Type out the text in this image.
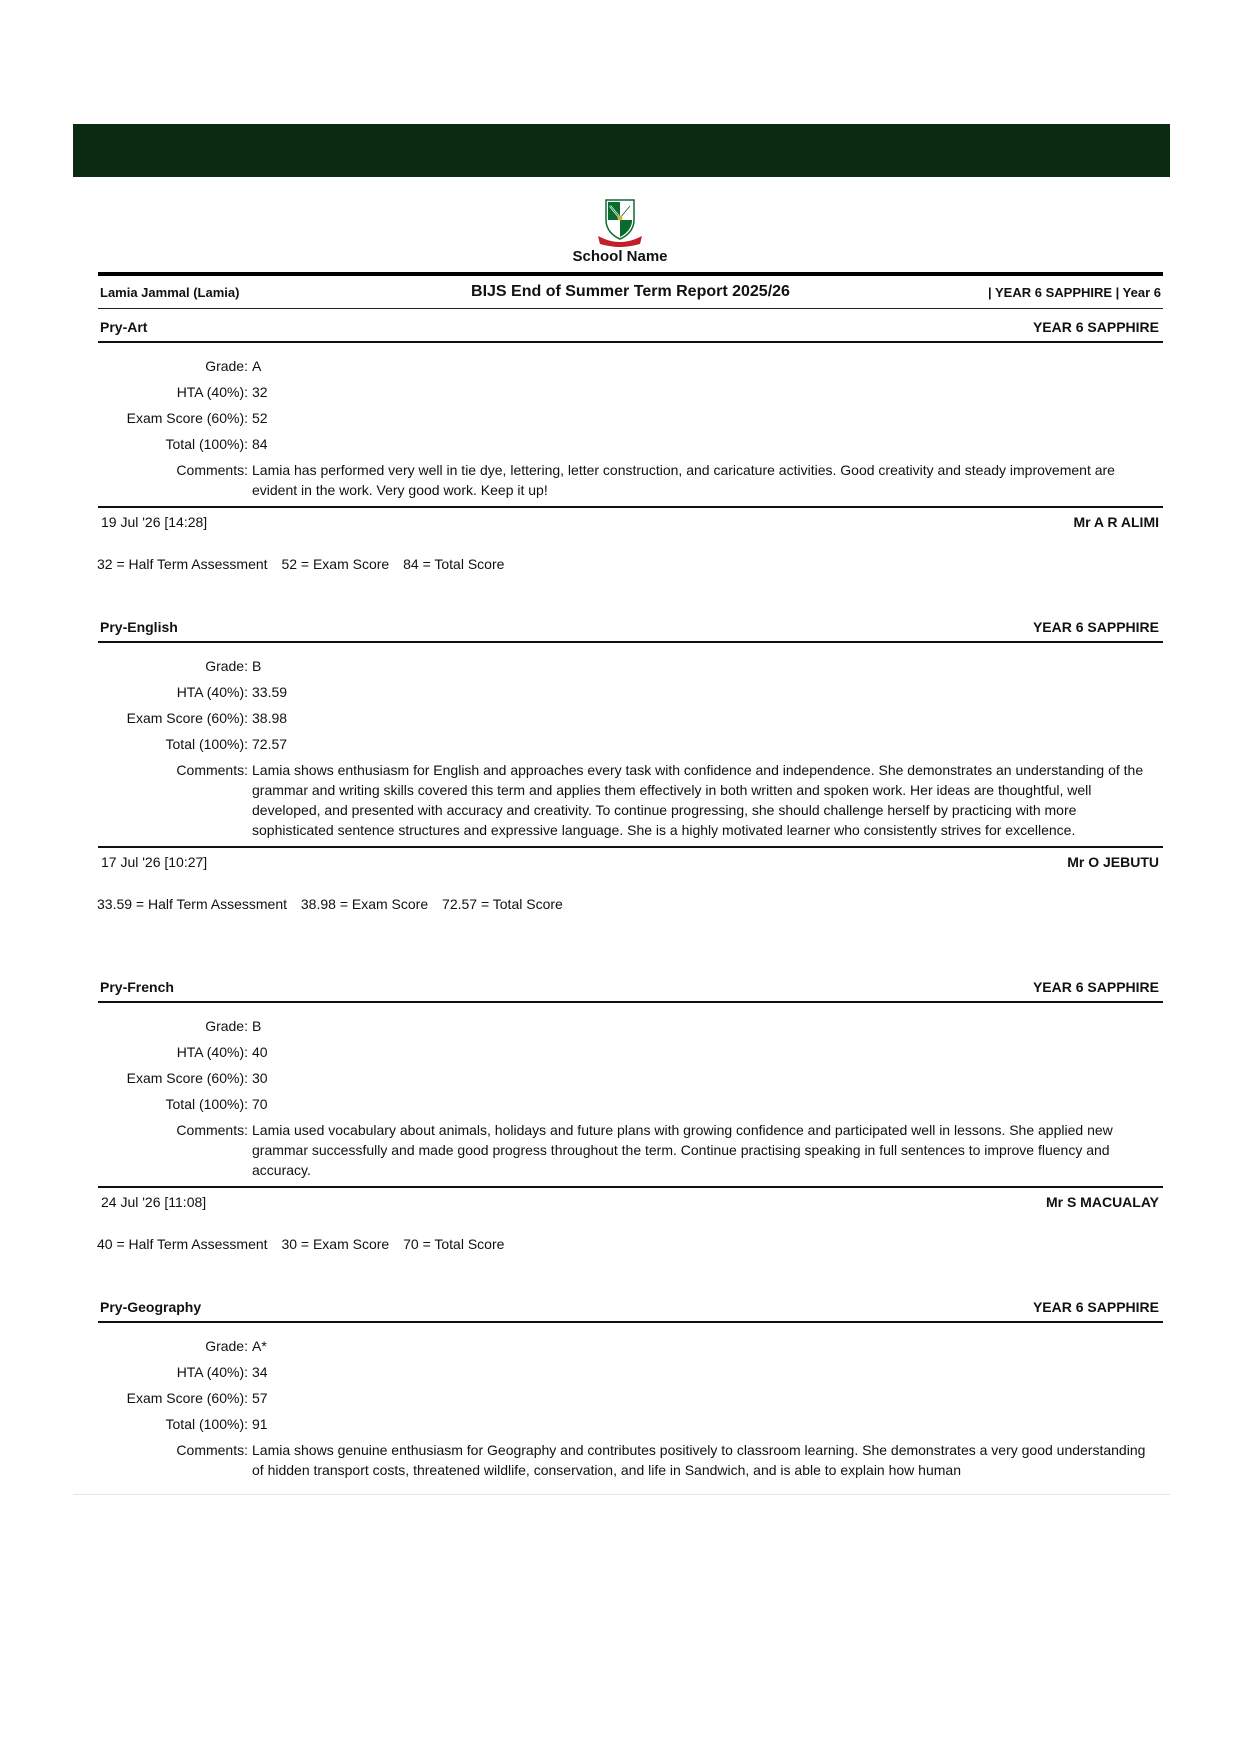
School Name
Lamia Jammal (Lamia)	BIJS End of Summer Term Report 2025/26	| YEAR 6 SAPPHIRE | Year 6
Pry-Art	YEAR 6 SAPPHIRE
Grade: A
HTA (40%): 32
Exam Score (60%): 52
Total (100%): 84
Comments: Lamia has performed very well in tie dye, lettering, letter construction, and caricature activities. Good creativity and steady improvement are evident in the work. Very good work. Keep it up!
19 Jul '26 [14:28]	Mr A R ALIMI
32 = Half Term Assessment 52 = Exam Score 84 = Total Score
Pry-English	YEAR 6 SAPPHIRE
Grade: B
HTA (40%): 33.59
Exam Score (60%): 38.98
Total (100%): 72.57
Comments: Lamia shows enthusiasm for English and approaches every task with confidence and independence. She demonstrates an understanding of the grammar and writing skills covered this term and applies them effectively in both written and spoken work. Her ideas are thoughtful, well developed, and presented with accuracy and creativity. To continue progressing, she should challenge herself by practicing with more sophisticated sentence structures and expressive language. She is a highly motivated learner who consistently strives for excellence.
17 Jul '26 [10:27]	Mr O JEBUTU
33.59 = Half Term Assessment 38.98 = Exam Score 72.57 = Total Score
Pry-French	YEAR 6 SAPPHIRE
Grade: B
HTA (40%): 40
Exam Score (60%): 30
Total (100%): 70
Comments: Lamia used vocabulary about animals, holidays and future plans with growing confidence and participated well in lessons. She applied new grammar successfully and made good progress throughout the term. Continue practising speaking in full sentences to improve fluency and accuracy.
24 Jul '26 [11:08]	Mr S MACUALAY
40 = Half Term Assessment 30 = Exam Score 70 = Total Score
Pry-Geography	YEAR 6 SAPPHIRE
Grade: A*
HTA (40%): 34
Exam Score (60%): 57
Total (100%): 91
Comments: Lamia shows genuine enthusiasm for Geography and contributes positively to classroom learning. She demonstrates a very good understanding of hidden transport costs, threatened wildlife, conservation, and life in Sandwich, and is able to explain how human
